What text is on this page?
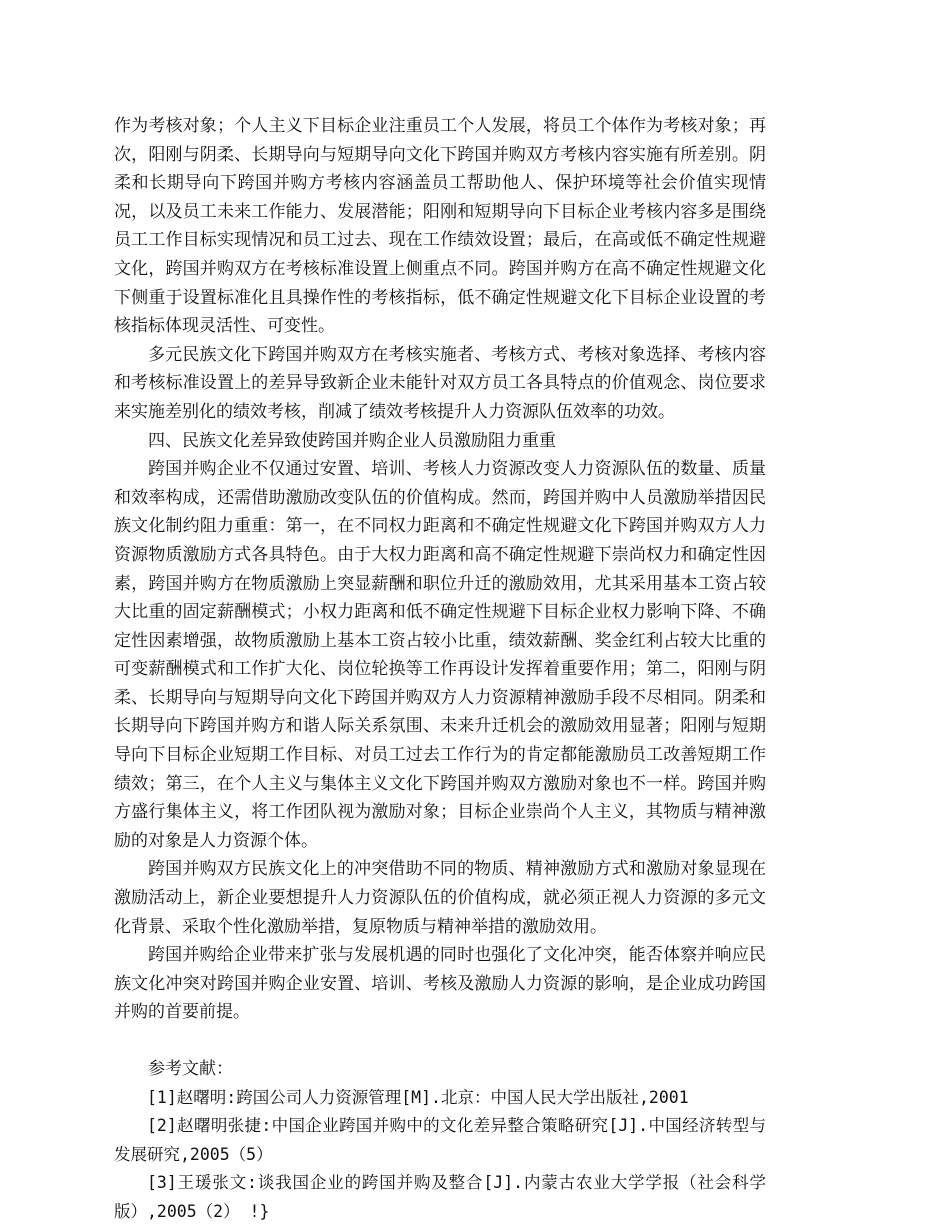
作为考核对象；个人主义下目标企业注重员工个人发展，将员工个体作为考核对象；再次，阳刚与阴柔、长期导向与短期导向文化下跨国并购双方考核内容实施有所差别。阴柔和长期导向下跨国并购方考核内容涵盖员工帮助他人、保护环境等社会价值实现情况，以及员工未来工作能力、发展潜能；阳刚和短期导向下目标企业考核内容多是围绕员工工作目标实现情况和员工过去、现在工作绩效设置；最后，在高或低不确定性规避文化，跨国并购双方在考核标准设置上侧重点不同。跨国并购方在高不确定性规避文化下侧重于设置标准化且具操作性的考核指标，低不确定性规避文化下目标企业设置的考核指标体现灵活性、可变性。

多元民族文化下跨国并购双方在考核实施者、考核方式、考核对象选择、考核内容和考核标准设置上的差异导致新企业未能针对双方员工各具特点的价值观念、岗位要求来实施差别化的绩效考核，削减了绩效考核提升人力资源队伍效率的功效。

四、民族文化差异致使跨国并购企业人员激励阻力重重

跨国并购企业不仅通过安置、培训、考核人力资源改变人力资源队伍的数量、质量和效率构成，还需借助激励改变队伍的价值构成。然而，跨国并购中人员激励举措因民族文化制约阻力重重：第一，在不同权力距离和不确定性规避文化下跨国并购双方人力资源物质激励方式各具特色。由于大权力距离和高不确定性规避下崇尚权力和确定性因素，跨国并购方在物质激励上突显薪酬和职位升迁的激励效用，尤其采用基本工资占较大比重的固定薪酬模式；小权力距离和低不确定性规避下目标企业权力影响下降、不确定性因素增强，故物质激励上基本工资占较小比重，绩效薪酬、奖金红利占较大比重的可变薪酬模式和工作扩大化、岗位轮换等工作再设计发挥着重要作用；第二，阳刚与阴柔、长期导向与短期导向文化下跨国并购双方人力资源精神激励手段不尽相同。阴柔和长期导向下跨国并购方和谐人际关系氛围、未来升迁机会的激励效用显著；阳刚与短期导向下目标企业短期工作目标、对员工过去工作行为的肯定都能激励员工改善短期工作绩效；第三，在个人主义与集体主义文化下跨国并购双方激励对象也不一样。跨国并购方盛行集体主义，将工作团队视为激励对象；目标企业崇尚个人主义，其物质与精神激励的对象是人力资源个体。

跨国并购双方民族文化上的冲突借助不同的物质、精神激励方式和激励对象显现在激励活动上，新企业要想提升人力资源队伍的价值构成，就必须正视人力资源的多元文化背景、采取个性化激励举措，复原物质与精神举措的激励效用。

跨国并购给企业带来扩张与发展机遇的同时也强化了文化冲突，能否体察并响应民族文化冲突对跨国并购企业安置、培训、考核及激励人力资源的影响，是企业成功跨国并购的首要前提。

参考文献：

[1]赵曙明:跨国公司人力资源管理[M].北京：中国人民大学出版社,2001

[2]赵曙明张捷:中国企业跨国并购中的文化差异整合策略研究[J].中国经济转型与发展研究,2005（5）

[3]王瑗张文:谈我国企业的跨国并购及整合[J].内蒙古农业大学学报（社会科学版）,2005（2） !}
